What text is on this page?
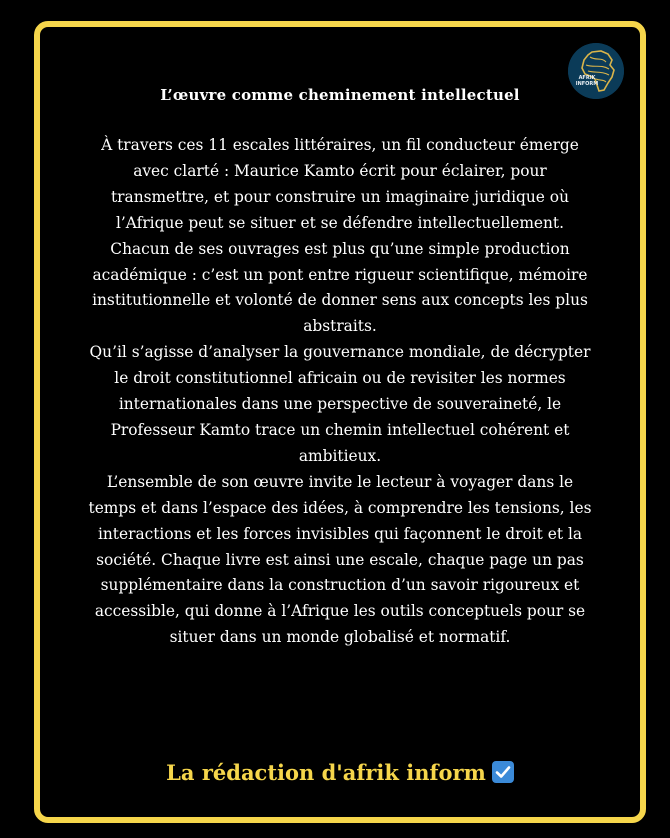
AFRIK INFORM
L’œuvre comme cheminement intellectuel

À travers ces 11 escales littéraires, un fil conducteur émerge avec clarté : Maurice Kamto écrit pour éclairer, pour transmettre, et pour construire un imaginaire juridique où l’Afrique peut se situer et se défendre intellectuellement. Chacun de ses ouvrages est plus qu’une simple production académique : c’est un pont entre rigueur scientifique, mémoire institutionnelle et volonté de donner sens aux concepts les plus abstraits.

Qu’il s’agisse d’analyser la gouvernance mondiale, de décrypter le droit constitutionnel africain ou de revisiter les normes internationales dans une perspective de souveraineté, le Professeur Kamto trace un chemin intellectuel cohérent et ambitieux.

L’ensemble de son œuvre invite le lecteur à voyager dans le temps et dans l’espace des idées, à comprendre les tensions, les interactions et les forces invisibles qui façonnent le droit et la société. Chaque livre est ainsi une escale, chaque page un pas supplémentaire dans la construction d’un savoir rigoureux et accessible, qui donne à l’Afrique les outils conceptuels pour se situer dans un monde globalisé et normatif.

La rédaction d'afrik inform
